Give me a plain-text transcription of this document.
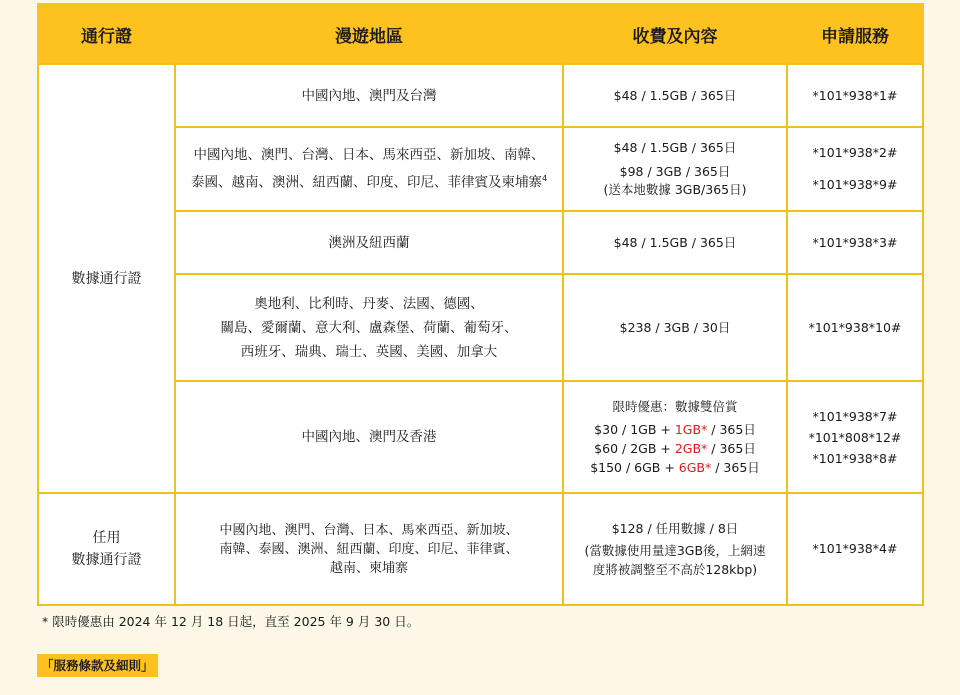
通行證	漫遊地區	收費及內容	申請服務
數據通行證	中國內地、澳門及台灣	$48 / 1.5GB / 365日	*101*938*1#

	中國內地、澳門、台灣、日本、馬來西亞、新加坡、南韓、
泰國、越南、澳洲、紐西蘭、印度、印尼、菲律賓及柬埔寨$^4$	$48 / 1.5GB / 365日
$98 / 3GB / 365日
(送本地數據 3GB/365日)	*101*938*2#
*101*938*9#

	澳洲及紐西蘭	$48 / 1.5GB / 365日	*101*938*3#

	奧地利、比利時、丹麥、法國、德國、
關島、愛爾蘭、意大利、盧森堡、荷蘭、葡萄牙、
西班牙、瑞典、瑞士、英國、美國、加拿大	$238 / 3GB / 30日	*101*938*10#

	中國內地、澳門及香港	限時優惠：數據雙倍賞
$30 / 1GB + 1GB* / 365日
$60 / 2GB + 2GB* / 365日
$150 / 6GB + 6GB* / 365日	*101*938*7#
*101*808*12#
*101*938*8#

任用
數據通行證	中國內地、澳門、台灣、日本、馬來西亞、新加坡、
南韓、泰國、澳洲、紐西蘭、印度、印尼、菲律賓、
越南、柬埔寨	$128 / 任用數據 / 8日
(當數據使用量達3GB後，上網速
度將被調整至不高於128kbp)	*101*938*4#
* 限時優惠由 2024 年 12 月 18 日起，直至 2025 年 9 月 30 日。
「服務條款及細則」
